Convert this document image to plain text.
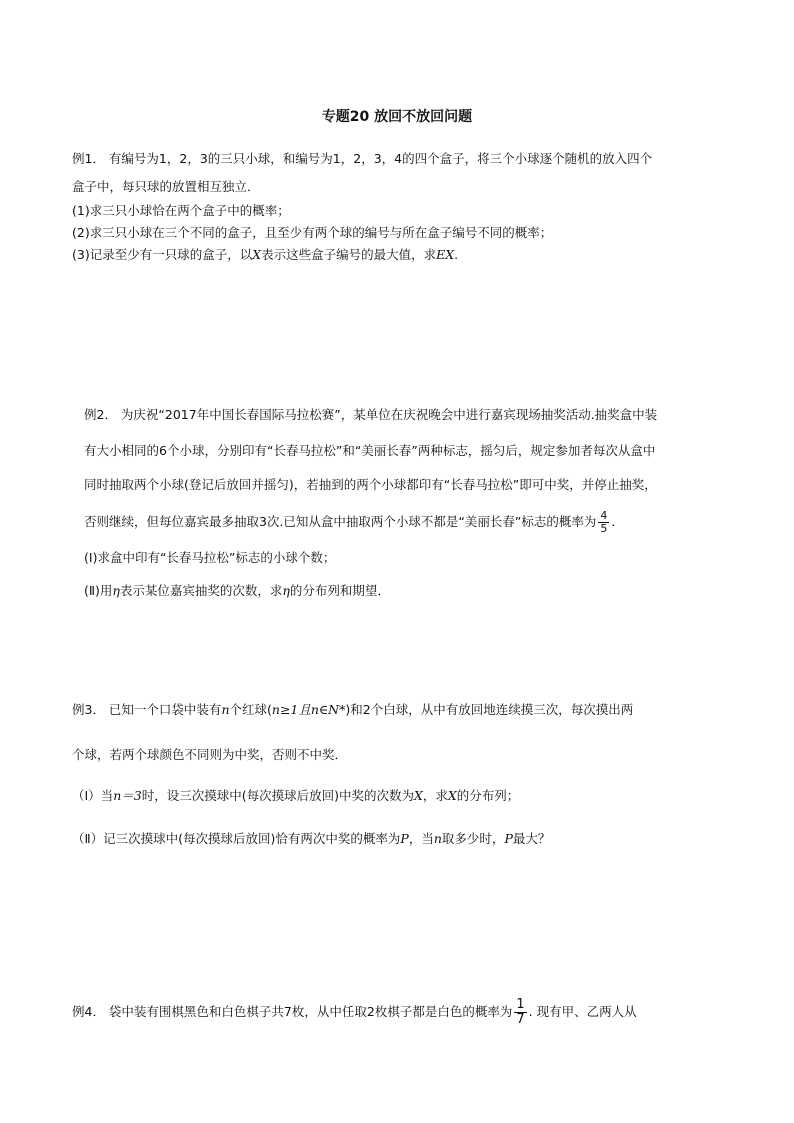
专题20 放回不放回问题
例1． 有编号为1，2，3的三只小球，和编号为1，2，3，4的四个盒子，将三个小球逐个随机的放入四个
盒子中，每只球的放置相互独立．
(1)求三只小球恰在两个盒子中的概率；
(2)求三只小球在三个不同的盒子，且至少有两个球的编号与所在盒子编号不同的概率；
(3)记录至少有一只球的盒子，以X表示这些盒子编号的最大值，求EX.
例2． 为庆祝“2017年中国长春国际马拉松赛”，某单位在庆祝晚会中进行嘉宾现场抽奖活动.抽奖盒中装
有大小相同的6个小球，分别印有“长春马拉松”和“美丽长春”两种标志，摇匀后，规定参加者每次从盒中
同时抽取两个小球(登记后放回并摇匀)，若抽到的两个小球都印有“长春马拉松”即可中奖，并停止抽奖，
否则继续，但每位嘉宾最多抽取3次.已知从盒中抽取两个小球不都是“美丽长春”标志的概率为 $\frac{4}{5}$ .
(Ⅰ)求盒中印有“长春马拉松”标志的小球个数；
(Ⅱ)用η表示某位嘉宾抽奖的次数，求η的分布列和期望．
例3． 已知一个口袋中装有n个红球(n≥1且n∈N*)和2个白球，从中有放回地连续摸三次，每次摸出两
个球，若两个球颜色不同则为中奖，否则不中奖．
（Ⅰ）当n＝3时，设三次摸球中(每次摸球后放回)中奖的次数为X，求X的分布列；
（Ⅱ）记三次摸球中(每次摸球后放回)恰有两次中奖的概率为P，当n取多少时，P最大？
例4． 袋中装有围棋黑色和白色棋子共7枚，从中任取2枚棋子都是白色的概率为 $\frac{1}{7}$ . 现有甲、乙两人从
